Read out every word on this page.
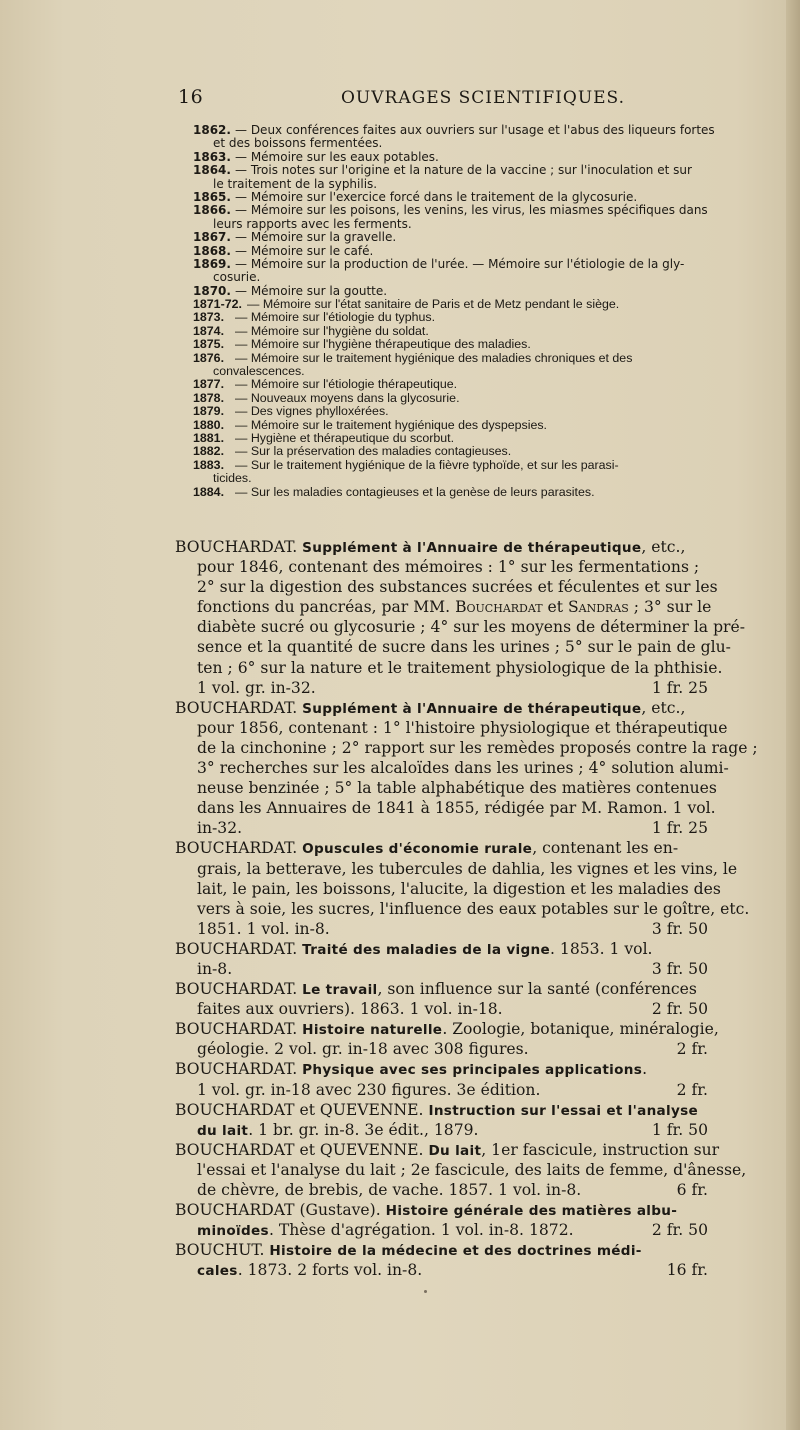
16	OUVRAGES SCIENTIFIQUES.
1862. — Deux conférences faites aux ouvriers sur l'usage et l'abus des liqueurs fortes
et des boissons fermentées.
1863. — Mémoire sur les eaux potables.
1864. — Trois notes sur l'origine et la nature de la vaccine ; sur l'inoculation et sur
le traitement de la syphilis.
1865. — Mémoire sur l'exercice forcé dans le traitement de la glycosurie.
1866. — Mémoire sur les poisons, les venins, les virus, les miasmes spécifiques dans
leurs rapports avec les ferments.
1867. — Mémoire sur la gravelle.
1868. — Mémoire sur le café.
1869. — Mémoire sur la production de l'urée. — Mémoire sur l'étiologie de la gly-
cosurie.
1870. — Mémoire sur la goutte.
1871-72. — Mémoire sur l'état sanitaire de Paris et de Metz pendant le siège.
1873. — Mémoire sur l'étiologie du typhus.
1874. — Mémoire sur l'hygiène du soldat.
1875. — Mémoire sur l'hygiène thérapeutique des maladies.
1876. — Mémoire sur le traitement hygiénique des maladies chroniques et des
convalescences.
1877. — Mémoire sur l'étiologie thérapeutique.
1878. — Nouveaux moyens dans la glycosurie.
1879. — Des vignes phylloxérées.
1880. — Mémoire sur le traitement hygiénique des dyspepsies.
1881. — Hygiène et thérapeutique du scorbut.
1882. — Sur la préservation des maladies contagieuses.
1883. — Sur le traitement hygiénique de la fièvre typhoïde, et sur les parasi-
ticides.
1884. — Sur les maladies contagieuses et la genèse de leurs parasites.
BOUCHARDAT. Supplément à l'Annuaire de thérapeutique, etc.,
pour 1846, contenant des mémoires : 1° sur les fermentations ;
2° sur la digestion des substances sucrées et féculentes et sur les
fonctions du pancréas, par MM. Bouchardat et Sandras ; 3° sur le
diabète sucré ou glycosurie ; 4° sur les moyens de déterminer la pré-
sence et la quantité de sucre dans les urines ; 5° sur le pain de glu-
ten ; 6° sur la nature et le traitement physiologique de la phthisie.
1 vol. gr. in-32.	1 fr. 25
BOUCHARDAT. Supplément à l'Annuaire de thérapeutique, etc.,
pour 1856, contenant : 1° l'histoire physiologique et thérapeutique
de la cinchonine ; 2° rapport sur les remèdes proposés contre la rage ;
3° recherches sur les alcaloïdes dans les urines ; 4° solution alumi-
neuse benzinée ; 5° la table alphabétique des matières contenues
dans les Annuaires de 1841 à 1855, rédigée par M. Ramon. 1 vol.
in-32.	1 fr. 25
BOUCHARDAT. Opuscules d'économie rurale, contenant les en-
grais, la betterave, les tubercules de dahlia, les vignes et les vins, le
lait, le pain, les boissons, l'alucite, la digestion et les maladies des
vers à soie, les sucres, l'influence des eaux potables sur le goître, etc.
1851. 1 vol. in-8.	3 fr. 50
BOUCHARDAT. Traité des maladies de la vigne. 1853. 1 vol.
in-8.	3 fr. 50
BOUCHARDAT. Le travail, son influence sur la santé (conférences
faites aux ouvriers). 1863. 1 vol. in-18.	2 fr. 50
BOUCHARDAT. Histoire naturelle. Zoologie, botanique, minéralogie,
géologie. 2 vol. gr. in-18 avec 308 figures.	2 fr.
BOUCHARDAT. Physique avec ses principales applications.
1 vol. gr. in-18 avec 230 figures. 3e édition.	2 fr.
BOUCHARDAT et QUEVENNE. Instruction sur l'essai et l'analyse
du lait. 1 br. gr. in-8. 3e édit., 1879.	1 fr. 50
BOUCHARDAT et QUEVENNE. Du lait, 1er fascicule, instruction sur
l'essai et l'analyse du lait ; 2e fascicule, des laits de femme, d'ânesse,
de chèvre, de brebis, de vache. 1857. 1 vol. in-8.	6 fr.
BOUCHARDAT (Gustave). Histoire générale des matières albu-
minoïdes. Thèse d'agrégation. 1 vol. in-8. 1872.	2 fr. 50
BOUCHUT. Histoire de la médecine et des doctrines médi-
cales. 1873. 2 forts vol. in-8.	16 fr.
